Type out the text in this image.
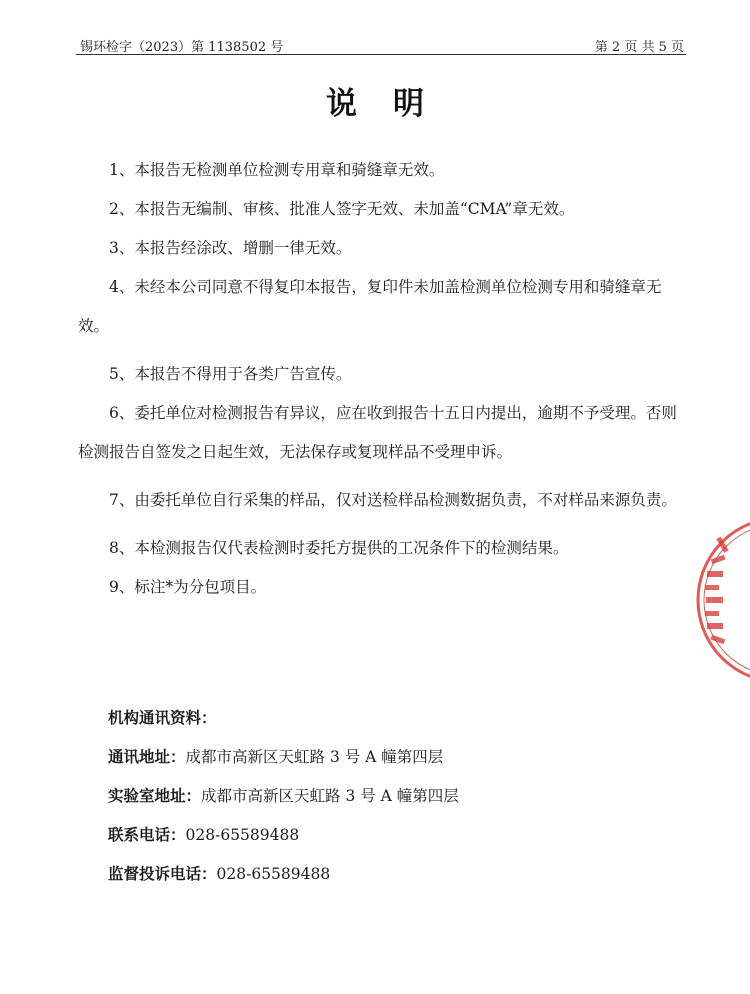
锡环检字（2023）第 1138502 号	第 2 页 共 5 页
说明

1、本报告无检测单位检测专用章和骑缝章无效。

2、本报告无编制、审核、批准人签字无效、未加盖“CMA”章无效。

3、本报告经涂改、增删一律无效。

4、未经本公司同意不得复印本报告，复印件未加盖检测单位检测专用和骑缝章无效。

5、本报告不得用于各类广告宣传。

6、委托单位对检测报告有异议，应在收到报告十五日内提出，逾期不予受理。否则检测报告自签发之日起生效，无法保存或复现样品不受理申诉。

7、由委托单位自行采集的样品，仅对送检样品检测数据负责，不对样品来源负责。

8、本检测报告仅代表检测时委托方提供的工况条件下的检测结果。

9、标注*为分包项目。

机构通讯资料：
通讯地址：成都市高新区天虹路 3 号 A 幢第四层
实验室地址：成都市高新区天虹路 3 号 A 幢第四层
联系电话：028-65589488
监督投诉电话：028-65589488
